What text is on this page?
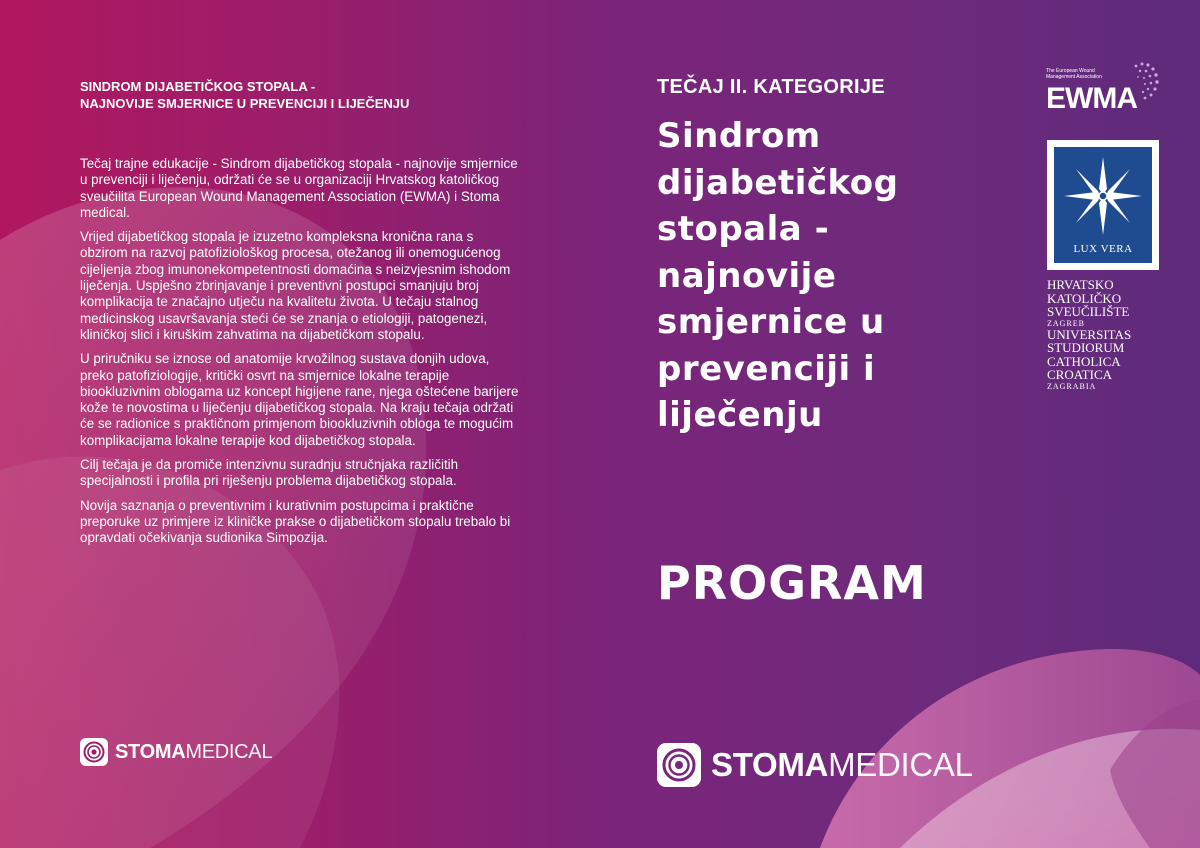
SINDROM DIJABETIČKOG STOPALA -
NAJNOVIJE SMJERNICE U PREVENCIJI I LIJEČENJU

Tečaj trajne edukacije - Sindrom dijabetičkog stopala - najnovije smjernice u prevenciji i liječenju, održati će se u organizaciji Hrvatskog katoličkog sveučilita European Wound Management Association (EWMA) i Stoma medical.

Vrijed dijabetičkog stopala je izuzetno kompleksna kronična rana s obzirom na razvoj patofiziološkog procesa, otežanog ili onemogućenog cijeljenja zbog imunonekompetentnosti domaćina s neizvjesnim ishodom liječenja. Uspješno zbrinjavanje i preventivni postupci smanjuju broj komplikacija te značajno utječu na kvalitetu života. U tečaju stalnog medicinskog usavršavanja steći će se znanja o etiologiji, patogenezi, kliničkoj slici i kiruškim zahvatima na dijabetičkom stopalu.

U priručniku se iznose od anatomije krvožilnog sustava donjih udova, preko patofiziologije, kritički osvrt na smjernice lokalne terapije biookluzivnim oblogama uz koncept higijene rane, njega oštećene barijere kože te novostima u liječenju dijabetičkog stopala. Na kraju tečaja održati će se radionice s praktičnom primjenom biookluzivnih obloga te mogućim komplikacijama lokalne terapije kod dijabetičkog stopala.

Cilj tečaja je da promiče intenzivnu suradnju stručnjaka različitih specijalnosti i profila pri riješenju problema dijabetičkog stopala.

Novija saznanja o preventivnim i kurativnim postupcima i praktične preporuke uz primjere iz kliničke prakse o dijabetičkom stopalu trebalo bi opravdati očekivanja sudionika Simpozija.

STOMAMEDICAL
TEČAJ II. KATEGORIJE
Sindrom
dijabetičkog
stopala -
najnovije
smjernice u
prevenciji i
liječenju
PROGRAM
STOMAMEDICAL
The European Wound
Management Association
EWMA
LUX VERA
HRVATSKO
KATOLIČKO
SVEUČILIŠTE
ZAGREB
UNIVERSITAS
STUDIORUM
CATHOLICA
CROATICA
ZAGRABIA
